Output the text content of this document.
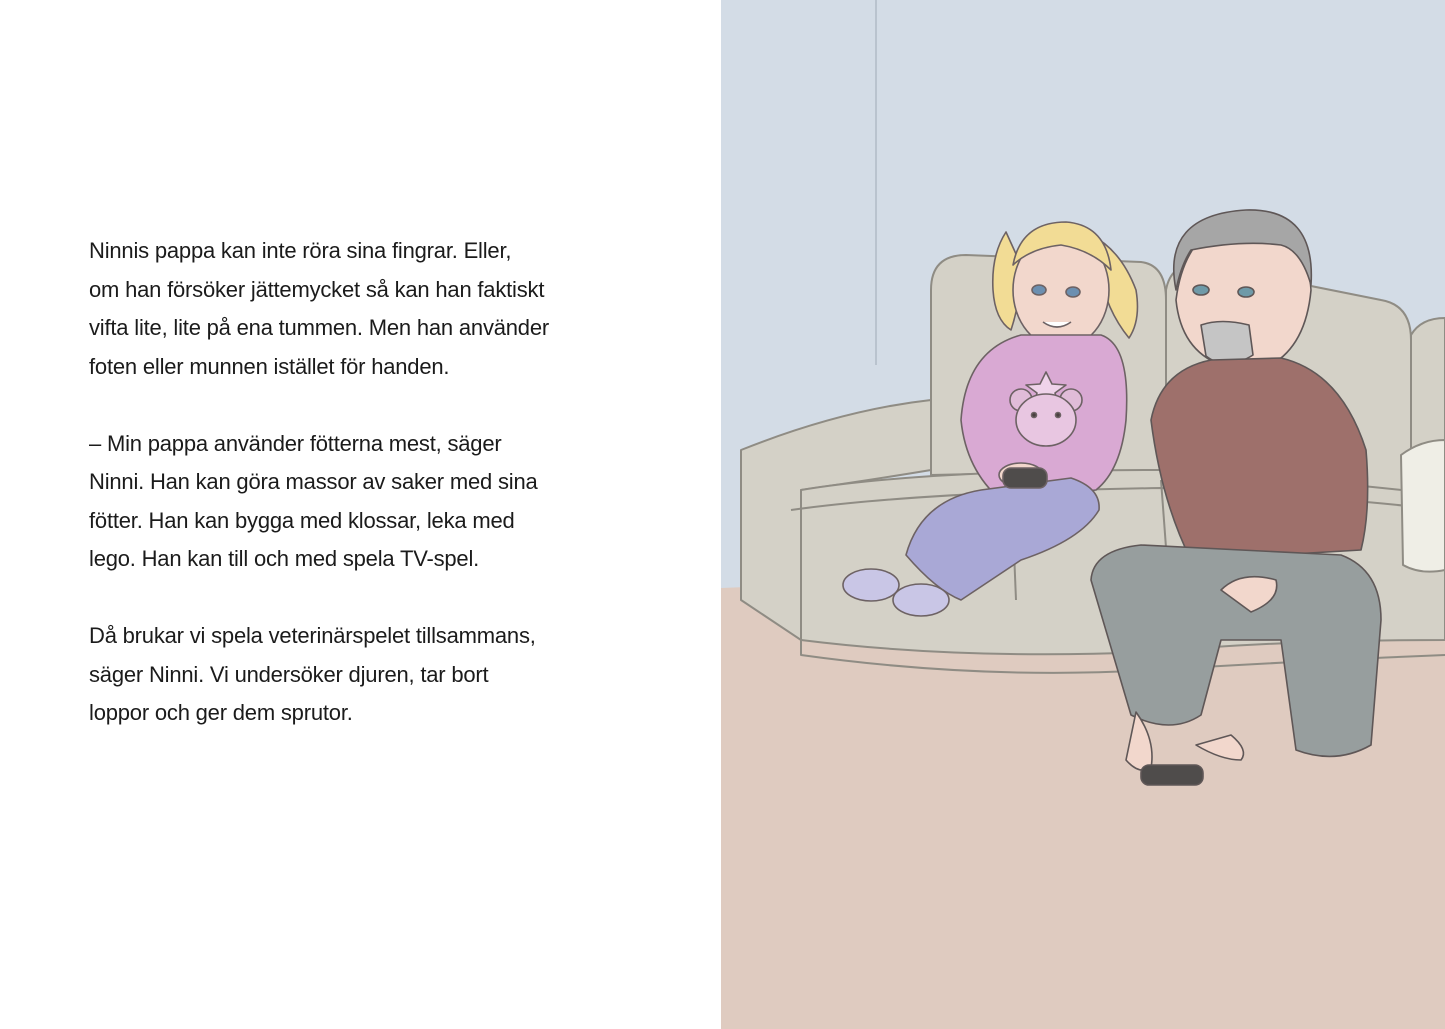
Ninnis pappa kan inte röra sina fingrar. Eller,
om han försöker jättemycket så kan han faktiskt
vifta lite, lite på ena tummen. Men han använder
foten eller munnen istället för handen.

– Min pappa använder fötterna mest, säger
Ninni. Han kan göra massor av saker med sina
fötter. Han kan bygga med klossar, leka med
lego. Han kan till och med spela TV-spel.

Då brukar vi spela veterinärspelet tillsammans,
säger Ninni. Vi undersöker djuren, tar bort
loppor och ger dem sprutor.
